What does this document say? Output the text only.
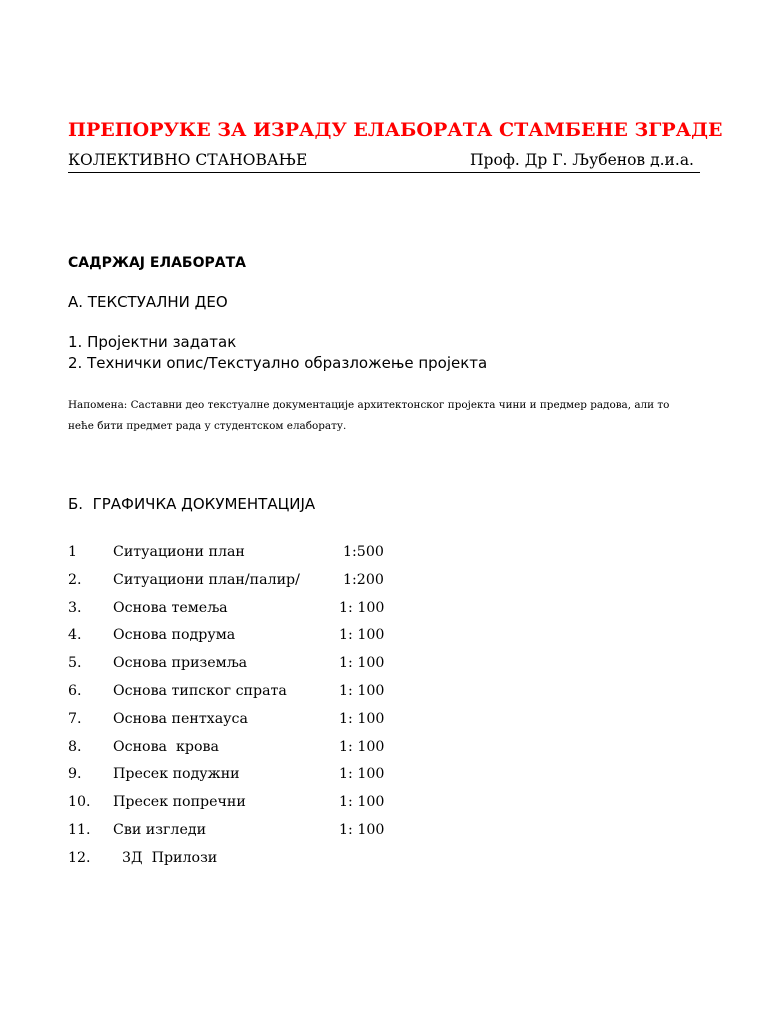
ПРЕПОРУКЕ ЗА ИЗРАДУ ЕЛАБОРАТА СТАМБЕНЕ ЗГРАДЕ
КОЛЕКТИВНО СТАНОВАЊЕ	Проф. Др Г. Љубенов д.и.а.
САДРЖАЈ ЕЛАБОРАТА
А. ТЕКСТУАЛНИ ДЕО
1. Пројектни задатак
2. Технички опис/Текстуално образложење пројекта
Напомена: Саставни део текстуалне документације архитектонског пројекта чини и предмер радова, али то
неће бити предмет рада у студентском елаборату.
Б.  ГРАФИЧКА ДОКУМЕНТАЦИЈА
1	Ситуациони план	1:500
2. Ситуациони план/палир/	1:200
3. Основа темеља	1: 100
4. Основа подрума	1: 100
5. Основа приземља	1: 100
6. Основа типског спрата	1: 100
7. Основа пентхауса	1: 100
8. Основа  крова	1: 100
9. Пресек подужни	1: 100
10. Пресек попречни	1: 100
11. Сви изгледи	1: 100
12. 3Д  Прилози
